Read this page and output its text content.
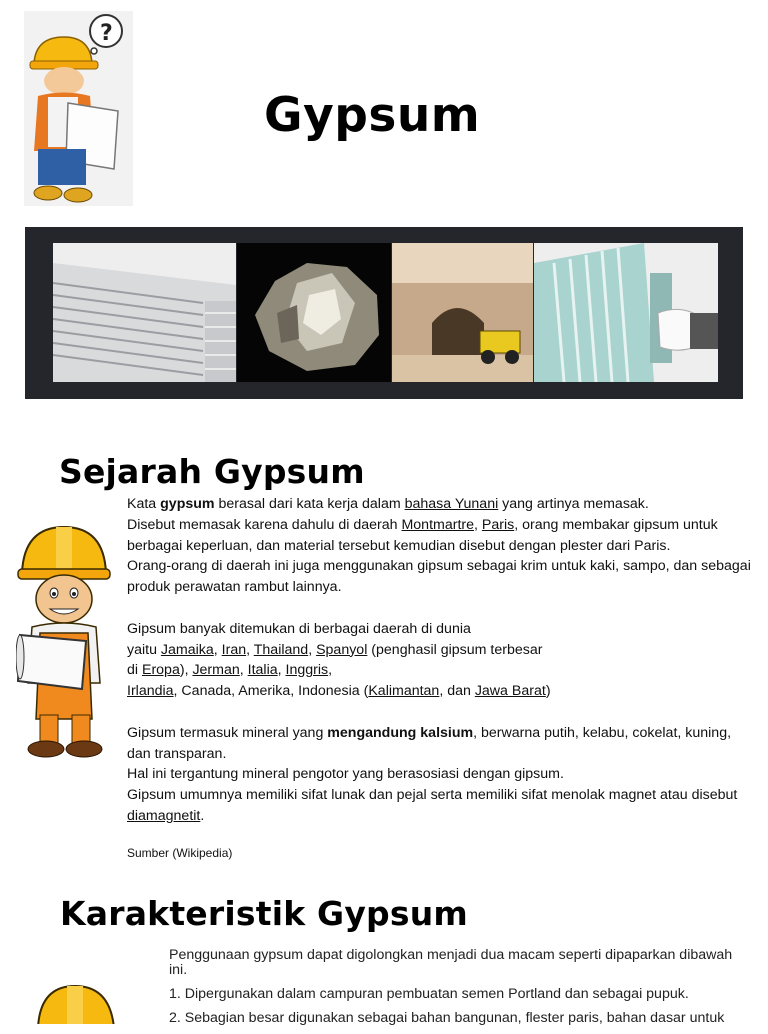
?
Gypsum
Sejarah Gypsum

Kata gypsum berasal dari kata kerja dalam bahasa Yunani yang artinya memasak.

Disebut memasak karena dahulu di daerah Montmartre, Paris, orang membakar gipsum untuk berbagai keperluan, dan material tersebut kemudian disebut dengan plester dari Paris.

Orang-orang di daerah ini juga menggunakan gipsum sebagai krim untuk kaki, sampo, dan sebagai produk perawatan rambut lainnya.

Gipsum banyak ditemukan di berbagai daerah di dunia
yaitu Jamaika, Iran, Thailand, Spanyol (penghasil gipsum terbesar
di Eropa), Jerman, Italia, Inggris,
Irlandia, Canada, Amerika, Indonesia (Kalimantan, dan Jawa Barat)

Gipsum termasuk mineral yang mengandung kalsium, berwarna putih, kelabu, cokelat, kuning, dan transparan.

Hal ini tergantung mineral pengotor yang berasosiasi dengan gipsum.

Gipsum umumnya memiliki sifat lunak dan pejal serta memiliki sifat menolak magnet atau disebut diamagnetit.

Sumber (Wikipedia)

Karakteristik Gypsum

Penggunaan gypsum dapat digolongkan menjadi dua macam seperti dipaparkan dibawah ini.

1. Dipergunakan dalam campuran pembuatan semen Portland dan sebagai pupuk.
2. Sebagian besar digunakan sebagai bahan bangunan, flester paris, bahan dasar untuk
